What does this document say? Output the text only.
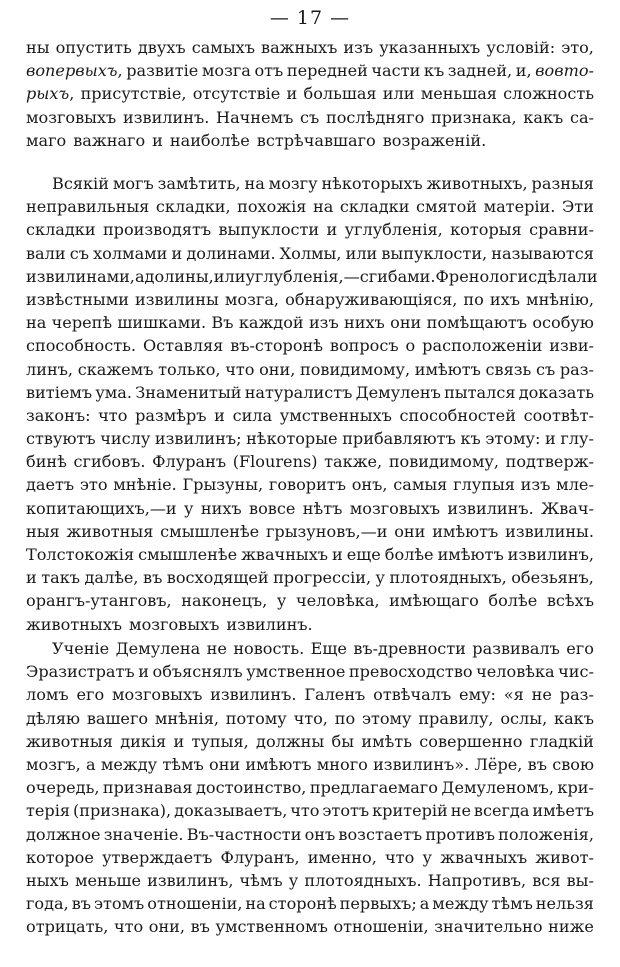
— 17 —
ны опустить двухъ самыхъ важныхъ изъ указанныхъ условій: это,
вопервыхъ, развитіе мозга отъ передней части къ задней, и, вовто-
рыхъ, присутствіе, отсутствіе и большая или меньшая сложность
мозговыхъ извилинъ. Начнемъ съ послѣдняго признака, какъ са-
маго важнаго и наиболѣе встрѣчавшаго возраженій.
Всякій могъ замѣтить, на мозгу нѣкоторыхъ животныхъ, разныя
неправильныя складки, похожія на складки смятой матеріи. Эти
складки производятъ выпуклости и углубленія, которыя сравни-
вали съ холмами и долинами. Холмы, или выпуклости, называются
извилинами, а долины, или углубленія,—сгибами. Френологи сдѣлали
извѣстными извилины мозга, обнаруживающіяся, по ихъ мнѣнію,
на черепѣ шишками. Въ каждой изъ нихъ они помѣщаютъ особую
способность. Оставляя въ-сторонѣ вопросъ о расположеніи изви-
линъ, скажемъ только, что они, повидимому, имѣютъ связь съ раз-
витіемъ ума. Знаменитый натуралистъ Демуленъ пытался доказать
законъ: что размѣръ и сила умственныхъ способностей соотвѣт-
ствуютъ числу извилинъ; нѣкоторые прибавляютъ къ этому: и глу-
бинѣ сгибовъ. Флуранъ (Flourens) также, повидимому, подтверж-
даетъ это мнѣніе. Грызуны, говоритъ онъ, самыя глупыя изъ мле-
копитающихъ,—и у нихъ вовсе нѣтъ мозговыхъ извилинъ. Жвач-
ныя животныя смышленѣе грызуновъ,—и они имѣютъ извилины.
Толстокожія смышленѣе жвачныхъ и еще болѣе имѣютъ извилинъ,
и такъ далѣе, въ восходящей прогрессіи, у плотоядныхъ, обезьянъ,
орангъ-утанговъ, наконецъ, у человѣка, имѣющаго болѣе всѣхъ
животныхъ мозговыхъ извилинъ.
Ученіе Демулена не новость. Еще въ-древности развивалъ его
Эразистратъ и объяснялъ умственное превосходство человѣка чис-
ломъ его мозговыхъ извилинъ. Галенъ отвѣчалъ ему: «я не раз-
дѣляю вашего мнѣнія, потому что, по этому правилу, ослы, какъ
животныя дикія и тупыя, должны бы имѣть совершенно гладкій
мозгъ, а между тѣмъ они имѣютъ много извилинъ». Лёре, въ свою
очередь, признавая достоинство, предлагаемаго Демуленомъ, кри-
терія (признака), доказываетъ, что этотъ критерій не всегда имѣетъ
должное значеніе. Въ-частности онъ возстаетъ противъ положенія,
которое утверждаетъ Флуранъ, именно, что у жвачныхъ живот-
ныхъ меньше извилинъ, чѣмъ у плотоядныхъ. Напротивъ, вся вы-
года, въ этомъ отношеніи, на сторонѣ первыхъ; а между тѣмъ нельзя
отрицать, что они, въ умственномъ отношеніи, значительно ниже
